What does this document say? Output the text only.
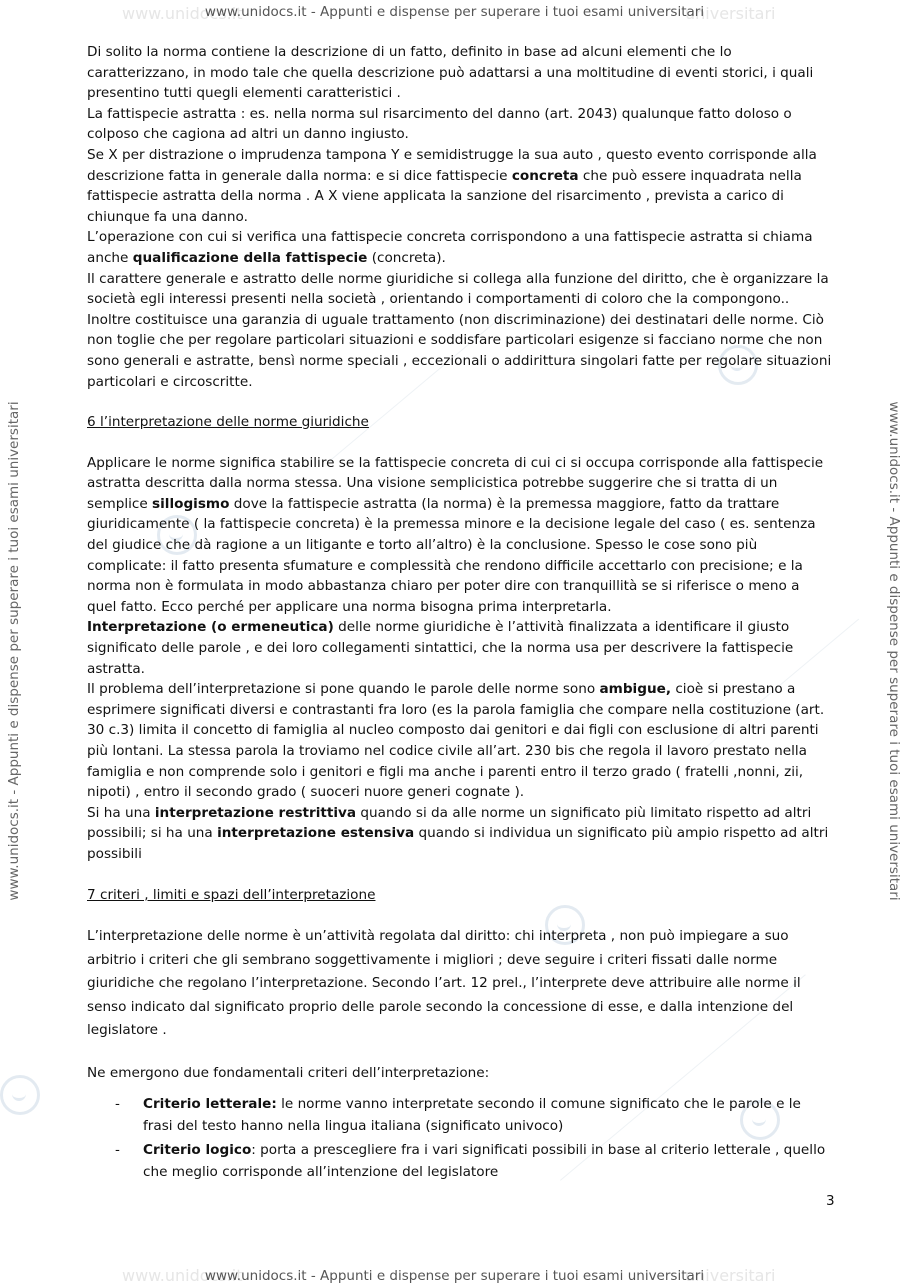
www.unidocs.it	universitari
www.unidocs.it - Appunti e dispense per superare i tuoi esami universitari
www.unidocs.it	universitari
www.unidocs.it - Appunti e dispense per superare i tuoi esami universitari
www.unidocs.it - Appunti e dispense per superare i tuoi esami universitari	www.unidocs.it - Appunti e dispense per superare i tuoi esami universitari

Di solito la norma contiene la descrizione di un fatto, definito in base ad alcuni elementi che lo caratterizzano, in modo tale che quella descrizione può adattarsi a una moltitudine di eventi storici, i quali presentino tutti quegli elementi caratteristici .

La fattispecie astratta : es. nella norma sul risarcimento del danno (art. 2043) qualunque fatto doloso o colposo che cagiona ad altri un danno ingiusto.

Se X per distrazione o imprudenza tampona Y e semidistrugge la sua auto , questo evento corrisponde alla descrizione fatta in generale dalla norma: e si dice fattispecie concreta che può essere inquadrata nella fattispecie astratta della norma . A X viene applicata la sanzione del risarcimento , prevista a carico di chiunque fa una danno.

L’operazione con cui si verifica una fattispecie concreta corrispondono a una fattispecie astratta si chiama anche qualificazione della fattispecie (concreta).

Il carattere generale e astratto delle norme giuridiche si collega alla funzione del diritto, che è organizzare la società egli interessi presenti nella società , orientando i comportamenti di coloro che la compongono..

Inoltre costituisce una garanzia di uguale trattamento (non discriminazione) dei destinatari delle norme. Ciò non toglie che per regolare particolari situazioni e soddisfare particolari esigenze si facciano norme che non sono generali e astratte, bensì norme speciali , eccezionali o addirittura singolari fatte per regolare situazioni particolari e circoscritte.

6 l’interpretazione delle norme giuridiche

Applicare le norme significa stabilire se la fattispecie concreta di cui ci si occupa corrisponde alla fattispecie astratta descritta dalla norma stessa. Una visione semplicistica potrebbe suggerire che si tratta di un semplice sillogismo dove la fattispecie astratta (la norma) è la premessa maggiore, fatto da trattare giuridicamente ( la fattispecie concreta) è la premessa minore e la decisione legale del caso ( es. sentenza del giudice che dà ragione a un litigante e torto all’altro) è la conclusione. Spesso le cose sono più complicate: il fatto presenta sfumature e complessità che rendono difficile accettarlo con precisione; e la norma non è formulata in modo abbastanza chiaro per poter dire con tranquillità se si riferisce o meno a quel fatto. Ecco perché per applicare una norma bisogna prima interpretarla.

Interpretazione (o ermeneutica) delle norme giuridiche è l’attività finalizzata a identificare il giusto significato delle parole , e dei loro collegamenti sintattici, che la norma usa per descrivere la fattispecie astratta.

Il problema dell’interpretazione si pone quando le parole delle norme sono ambigue, cioè si prestano a esprimere significati diversi e contrastanti fra loro (es la parola famiglia che compare nella costituzione (art. 30 c.3) limita il concetto di famiglia al nucleo composto dai genitori e dai figli con esclusione di altri parenti più lontani. La stessa parola la troviamo nel codice civile all’art. 230 bis che regola il lavoro prestato nella famiglia e non comprende solo i genitori e figli ma anche i parenti entro il terzo grado ( fratelli ,nonni, zii, nipoti) , entro il secondo grado ( suoceri nuore generi cognate ).

Si ha una interpretazione restrittiva quando si da alle norme un significato più limitato rispetto ad altri possibili; si ha una interpretazione estensiva quando si individua un significato più ampio rispetto ad altri possibili

7 criteri , limiti e spazi dell’interpretazione

L’interpretazione delle norme è un’attività regolata dal diritto: chi interpreta , non può impiegare a suo arbitrio i criteri che gli sembrano soggettivamente i migliori ; deve seguire i criteri fissati dalle norme giuridiche che regolano l’interpretazione. Secondo l’art. 12 prel., l’interprete deve attribuire alle norme il senso indicato dal significato proprio delle parole secondo la concessione di esse, e dalla intenzione del legislatore .

Ne emergono due fondamentali criteri dell’interpretazione:

- Criterio letterale: le norme vanno interpretate secondo il comune significato che le parole e le frasi del testo hanno nella lingua italiana (significato univoco)
- Criterio logico: porta a prescegliere fra i vari significati possibili in base al criterio letterale , quello che meglio corrisponde all’intenzione del legislatore
3
